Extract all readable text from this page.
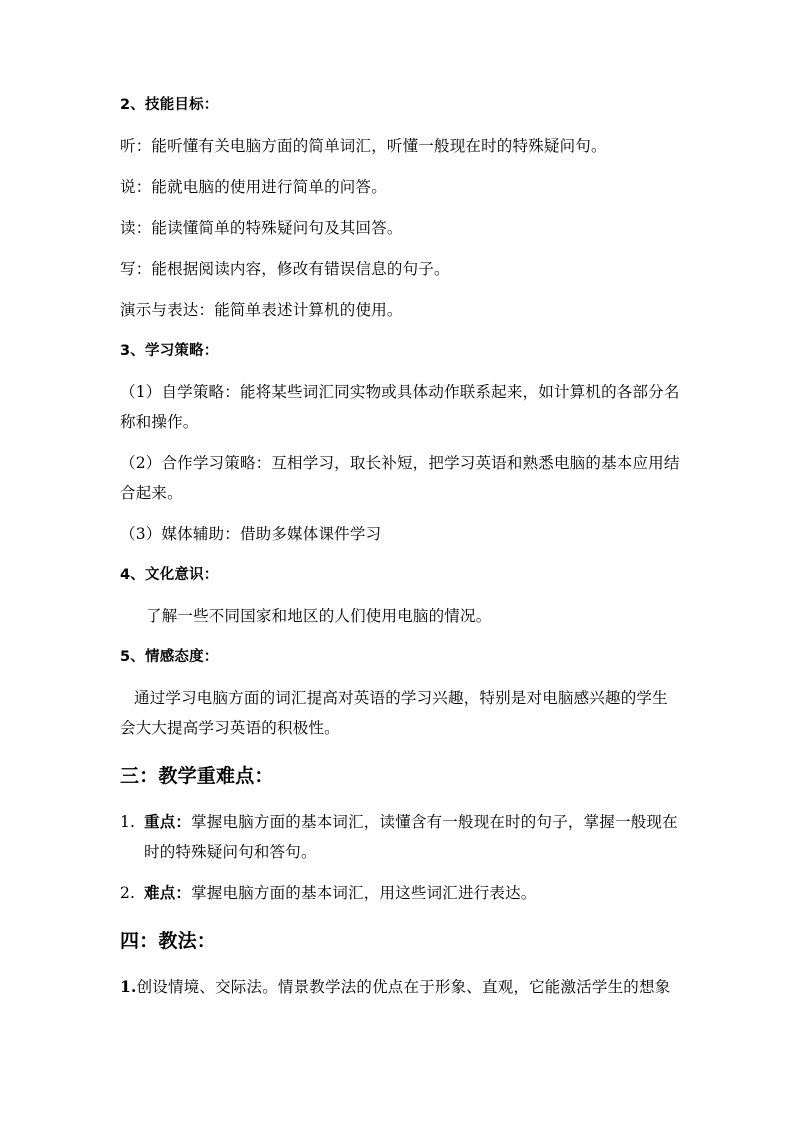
2、技能目标：

听：能听懂有关电脑方面的简单词汇，听懂一般现在时的特殊疑问句。

说：能就电脑的使用进行简单的问答。

读：能读懂简单的特殊疑问句及其回答。

写：能根据阅读内容，修改有错误信息的句子。

演示与表达：能简单表述计算机的使用。

3、学习策略：

（1）自学策略：能将某些词汇同实物或具体动作联系起来，如计算机的各部分名称和操作。

（2）合作学习策略：互相学习，取长补短，把学习英语和熟悉电脑的基本应用结合起来。

（3）媒体辅助：借助多媒体课件学习

4、文化意识：

了解一些不同国家和地区的人们使用电脑的情况。

5、情感态度：

通过学习电脑方面的词汇提高对英语的学习兴趣，特别是对电脑感兴趣的学生会大大提高学习英语的积极性。

三：教学重难点：

1. 重点：掌握电脑方面的基本词汇，读懂含有一般现在时的句子，掌握一般现在时的特殊疑问句和答句。

2. 难点：掌握电脑方面的基本词汇，用这些词汇进行表达。

四：教法：

1.创设情境、交际法。情景教学法的优点在于形象、直观，它能激活学生的想象
